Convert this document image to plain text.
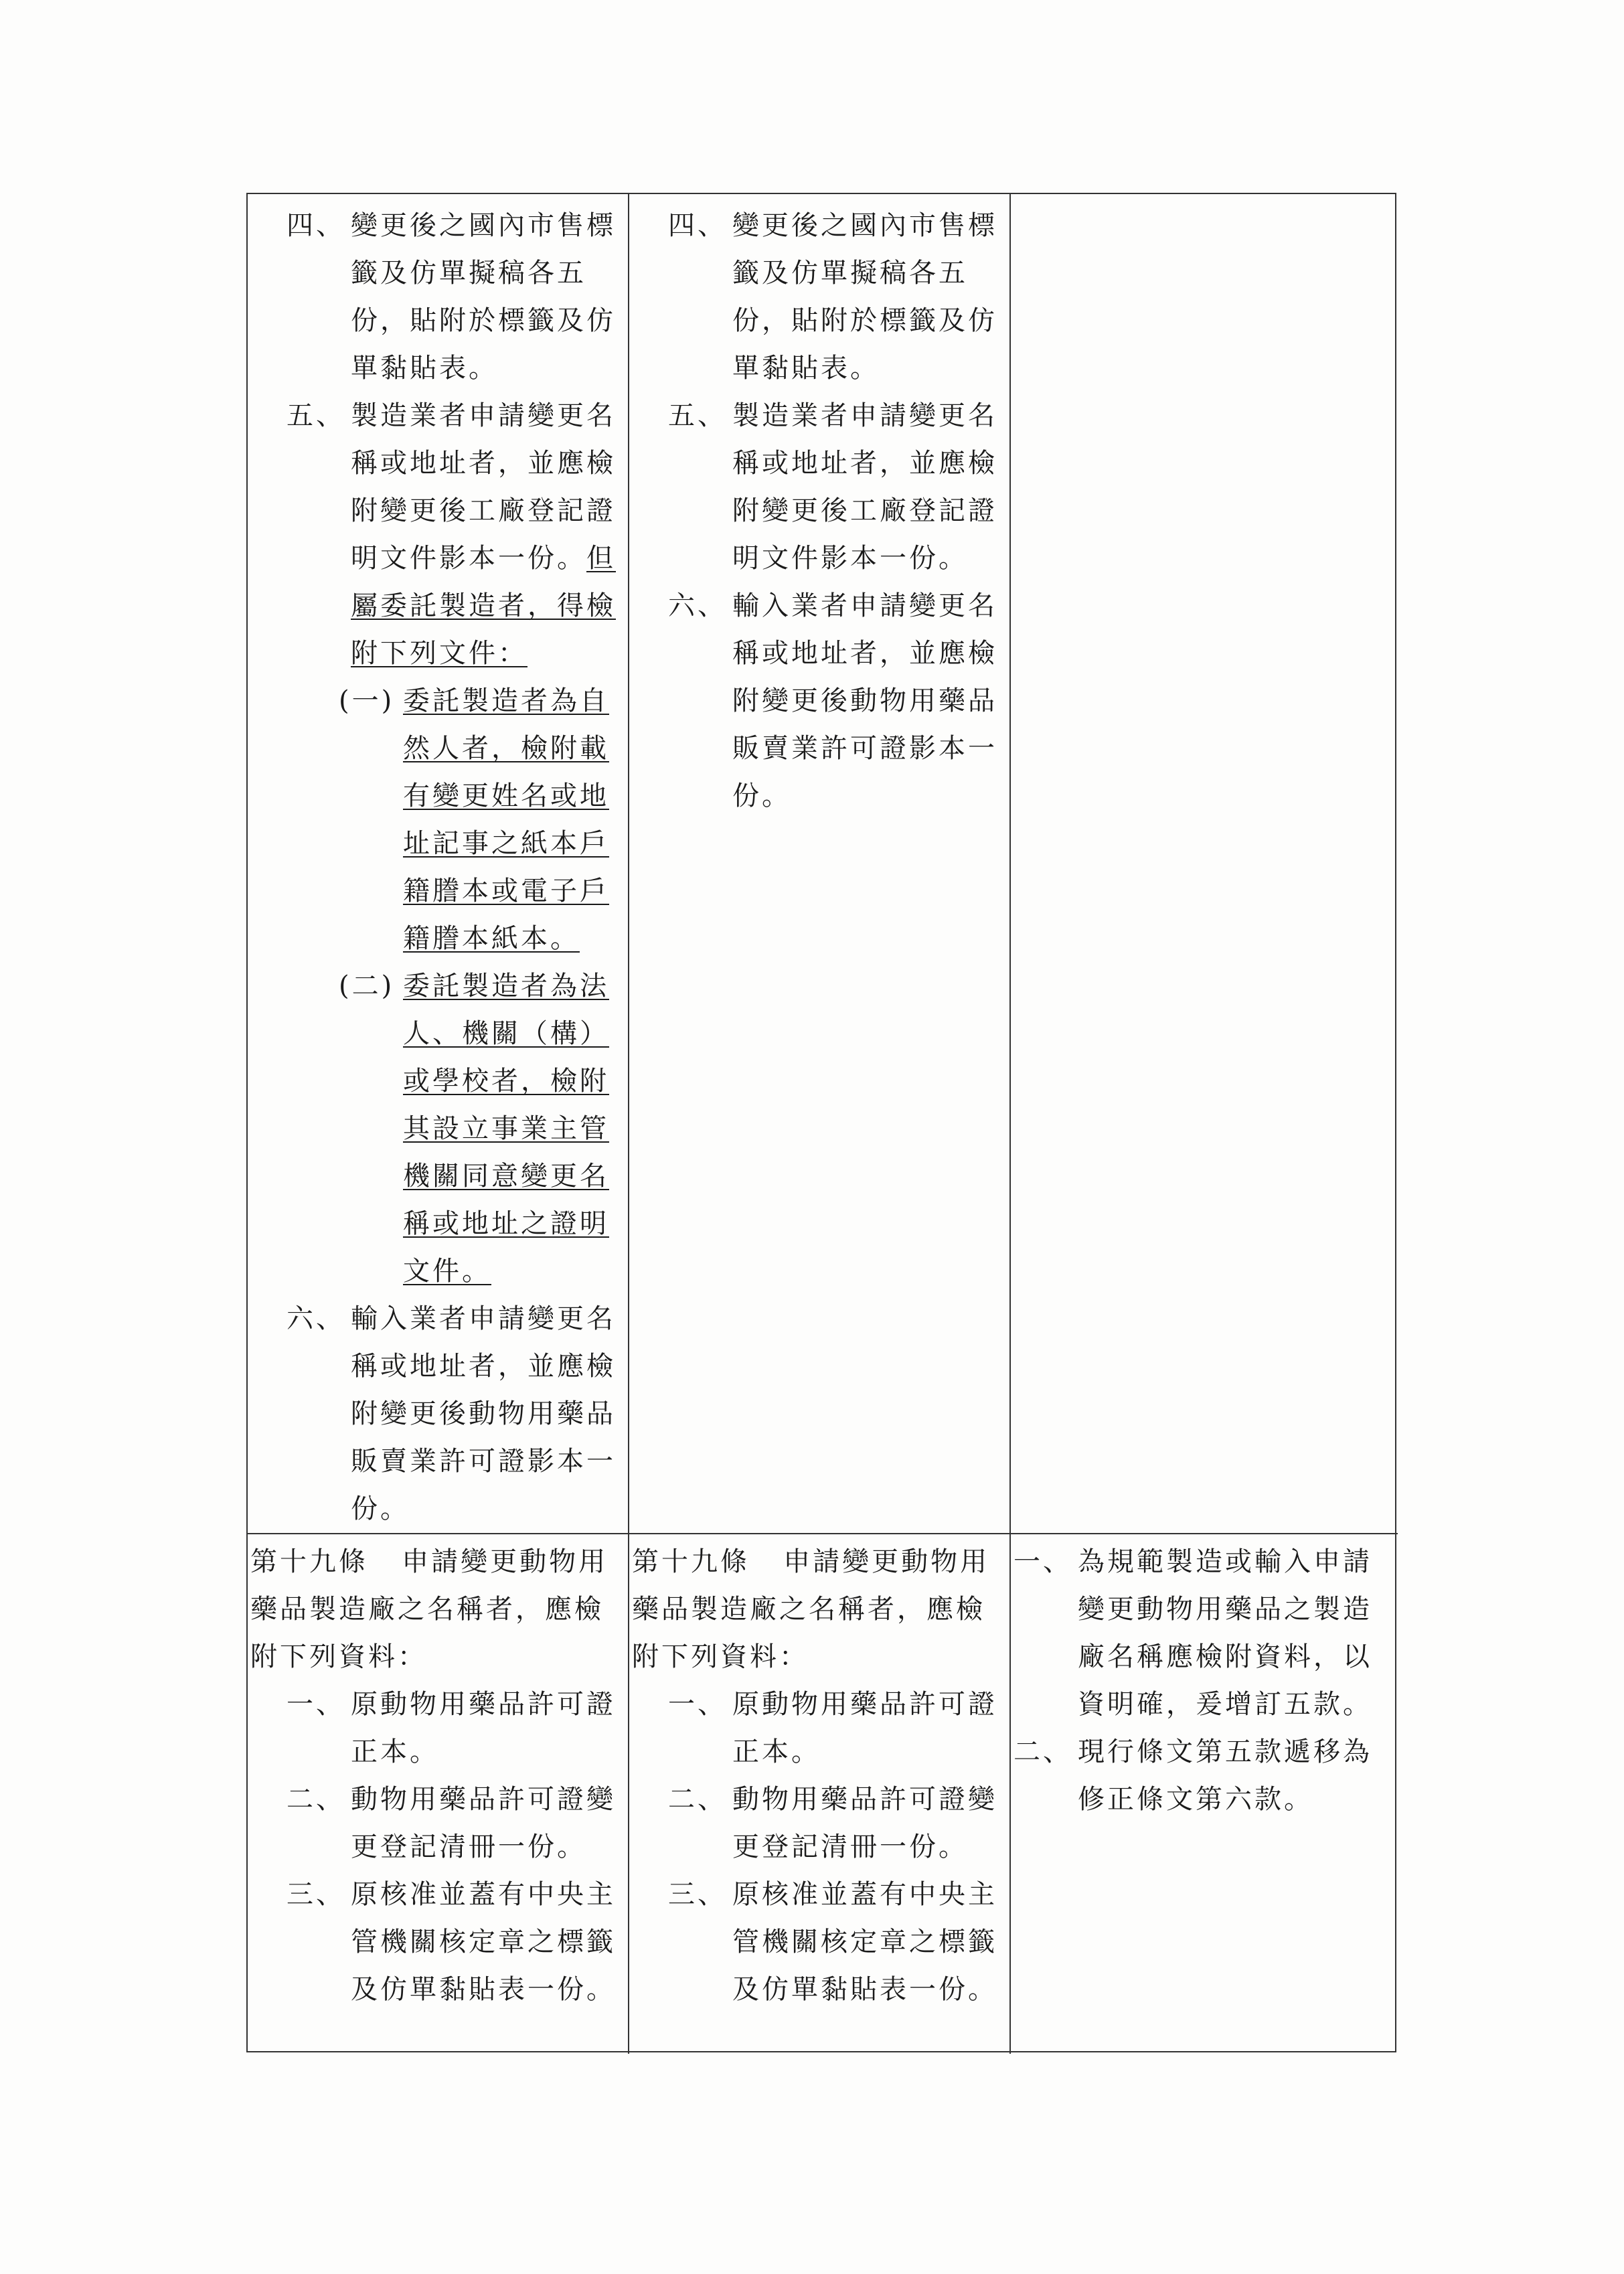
四、 變更後之國內市售標籤及仿單擬稿各五份，貼附於標籤及仿單黏貼表。
五、 製造業者申請變更名稱或地址者，並應檢附變更後工廠登記證明文件影本一份。但屬委託製造者，得檢附下列文件：
(一) 委託製造者為自然人者，檢附載有變更姓名或地址記事之紙本戶籍謄本或電子戶籍謄本紙本。
(二) 委託製造者為法人、機關（構）或學校者，檢附其設立事業主管機關同意變更名稱或地址之證明文件。
六、 輸入業者申請變更名稱或地址者，並應檢附變更後動物用藥品販賣業許可證影本一份。
四、 變更後之國內市售標籤及仿單擬稿各五份，貼附於標籤及仿單黏貼表。
五、 製造業者申請變更名稱或地址者，並應檢附變更後工廠登記證明文件影本一份。
六、 輸入業者申請變更名稱或地址者，並應檢附變更後動物用藥品販賣業許可證影本一份。
第十九條 申請變更動物用藥品製造廠之名稱者，應檢附下列資料：
一、 原動物用藥品許可證正本。
二、 動物用藥品許可證變更登記清冊一份。
三、 原核准並蓋有中央主管機關核定章之標籤及仿單黏貼表一份。
第十九條 申請變更動物用藥品製造廠之名稱者，應檢附下列資料：
一、 原動物用藥品許可證正本。
二、 動物用藥品許可證變更登記清冊一份。
三、 原核准並蓋有中央主管機關核定章之標籤及仿單黏貼表一份。
一、 為規範製造或輸入申請變更動物用藥品之製造廠名稱應檢附資料，以資明確，爰增訂五款。
二、 現行條文第五款遞移為修正條文第六款。
